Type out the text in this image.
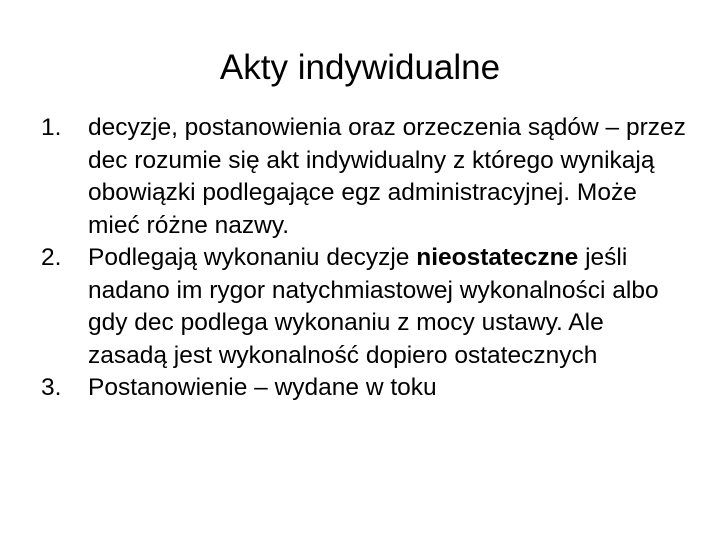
Akty indywidualne
1.	decyzje, postanowienia oraz orzeczenia sądów – przez dec rozumie się akt indywidualny z którego wynikają obowiązki podlegające egz administracyjnej. Może mieć różne nazwy.
2.	Podlegają wykonaniu decyzje nieostateczne jeśli nadano im rygor natychmiastowej wykonalności albo gdy dec podlega wykonaniu z mocy ustawy. Ale zasadą jest wykonalność dopiero ostatecznych
3.	Postanowienie – wydane w toku
